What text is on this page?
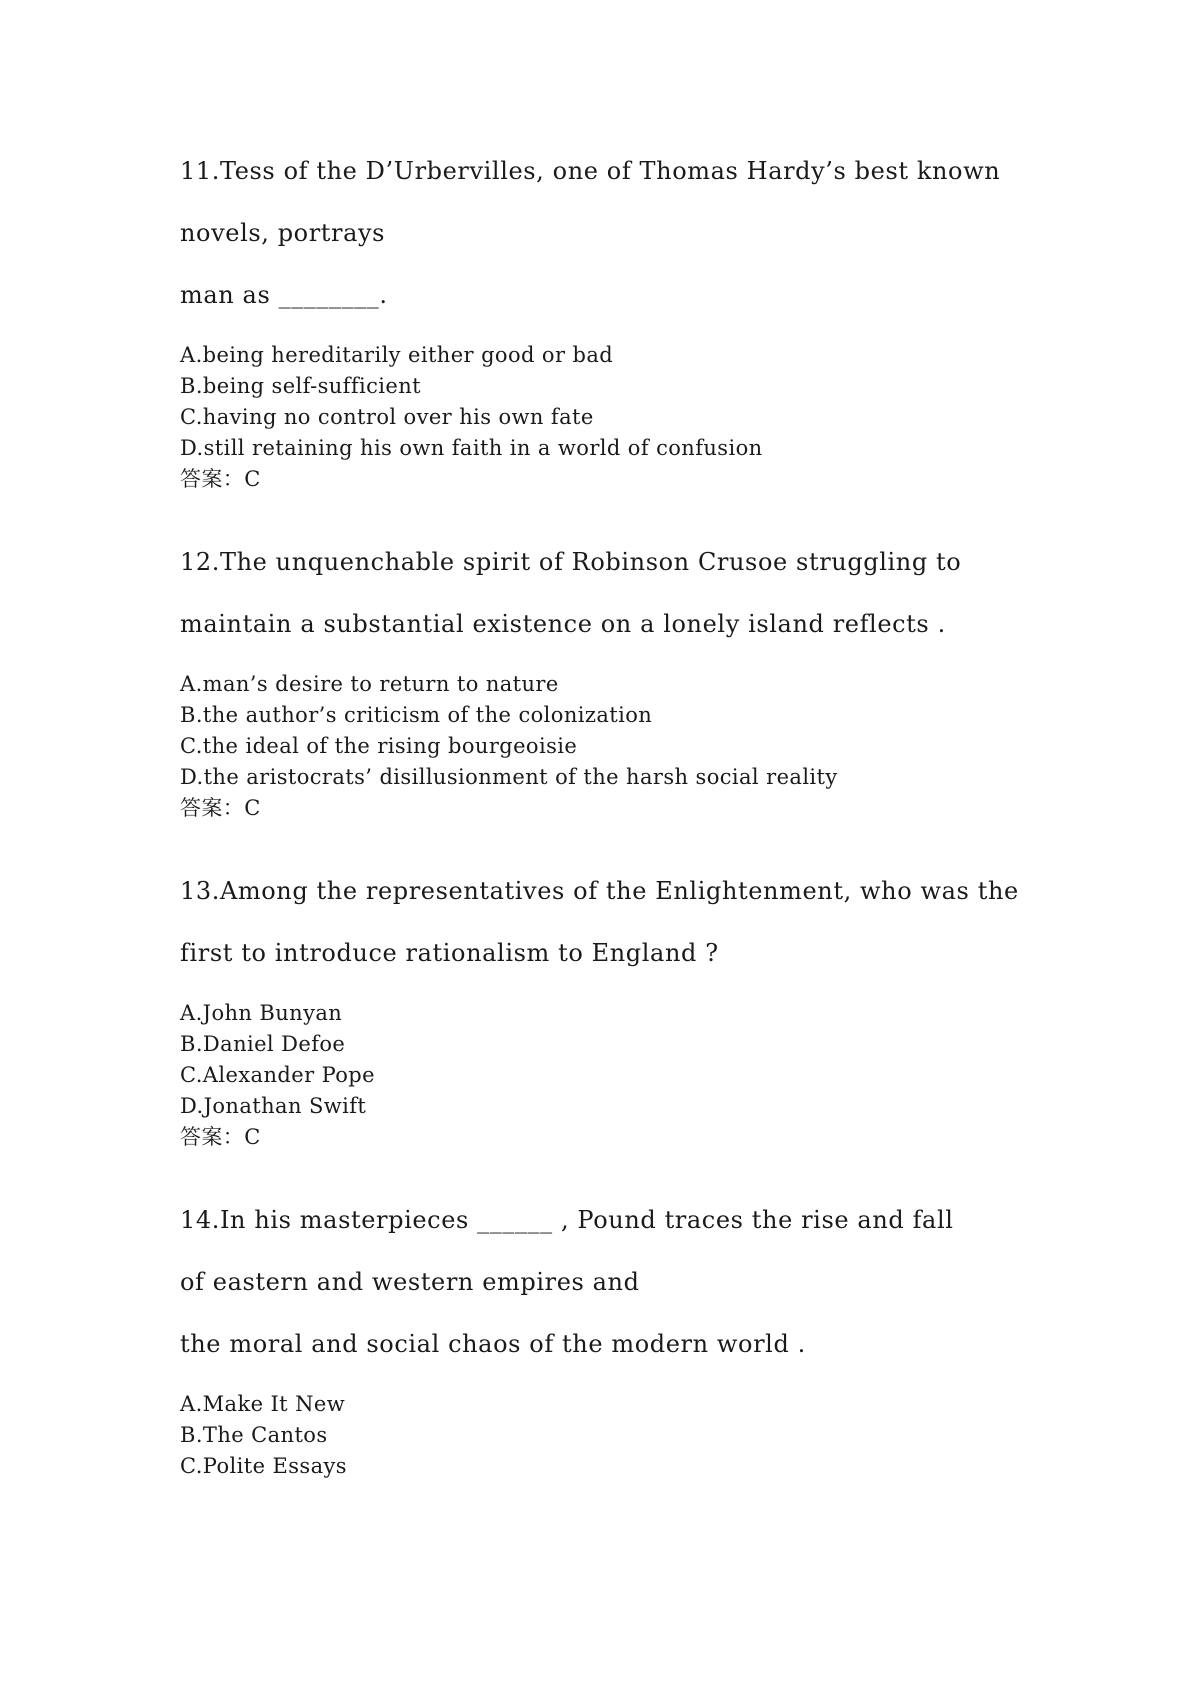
11.Tess of the D’Urbervilles, one of Thomas Hardy’s best known
novels, portrays
man as ________.
A.being hereditarily either good or bad
B.being self-sufficient
C.having no control over his own fate
D.still retaining his own faith in a world of confusion
答案：C
12.The unquenchable spirit of Robinson Crusoe struggling to
maintain a substantial existence on a lonely island reflects .
A.man’s desire to return to nature
B.the author’s criticism of the colonization
C.the ideal of the rising bourgeoisie
D.the aristocrats’ disillusionment of the harsh social reality
答案：C
13.Among the representatives of the Enlightenment, who was the
first to introduce rationalism to England ?
A.John Bunyan
B.Daniel Defoe
C.Alexander Pope
D.Jonathan Swift
答案：C
14.In his masterpieces ______ , Pound traces the rise and fall
of eastern and western empires and
the moral and social chaos of the modern world .
A.Make It New
B.The Cantos
C.Polite Essays
